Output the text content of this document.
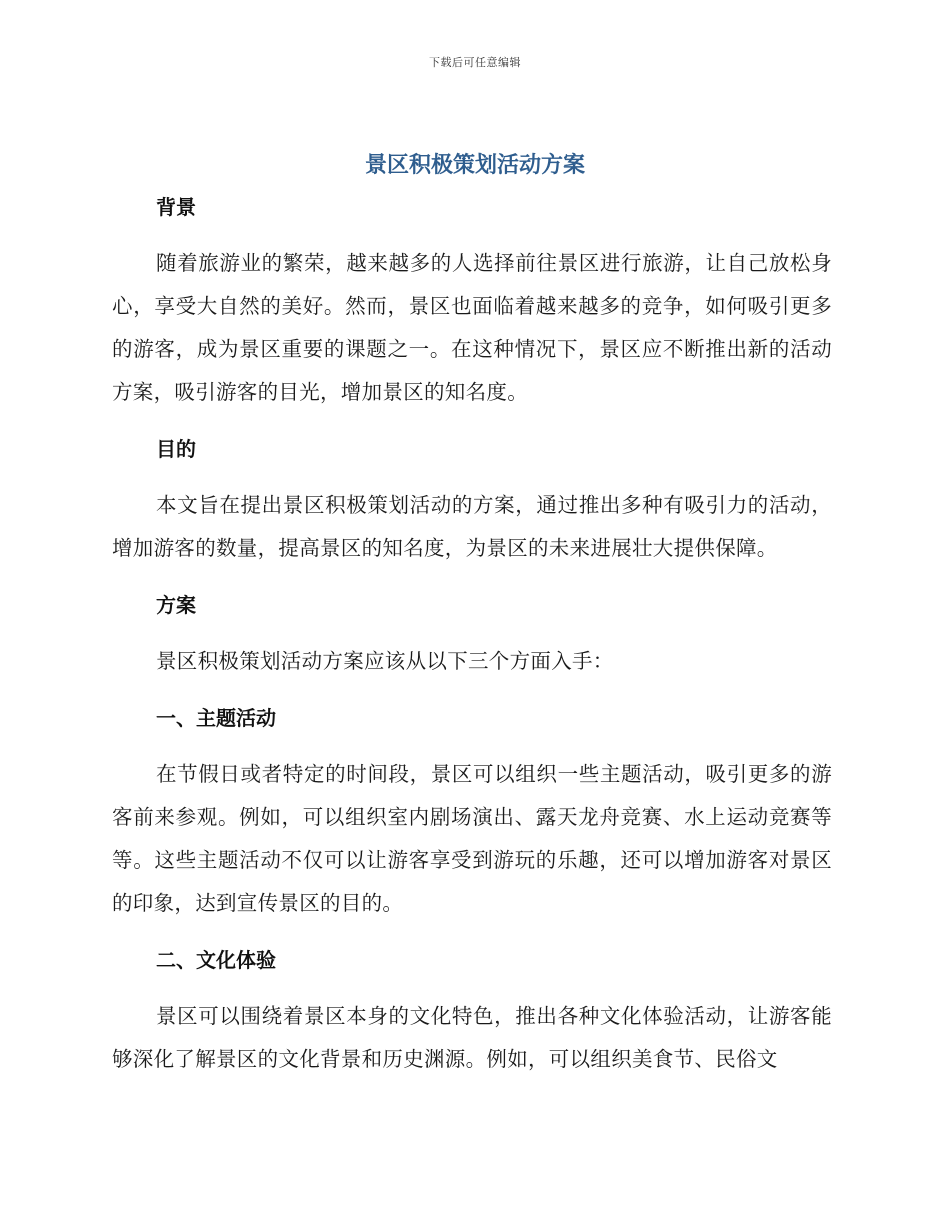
下载后可任意编辑
景区积极策划活动方案
背景

随着旅游业的繁荣，越来越多的人选择前往景区进行旅游，让自己放松身心，享受大自然的美好。然而，景区也面临着越来越多的竞争，如何吸引更多的游客，成为景区重要的课题之一。在这种情况下，景区应不断推出新的活动方案，吸引游客的目光，增加景区的知名度。

目的

本文旨在提出景区积极策划活动的方案，通过推出多种有吸引力的活动，增加游客的数量，提高景区的知名度，为景区的未来进展壮大提供保障。

方案

景区积极策划活动方案应该从以下三个方面入手：

一、主题活动

在节假日或者特定的时间段，景区可以组织一些主题活动，吸引更多的游客前来参观。例如，可以组织室内剧场演出、露天龙舟竞赛、水上运动竞赛等等。这些主题活动不仅可以让游客享受到游玩的乐趣，还可以增加游客对景区的印象，达到宣传景区的目的。

二、文化体验

景区可以围绕着景区本身的文化特色，推出各种文化体验活动，让游客能够深化了解景区的文化背景和历史渊源。例如，可以组织美食节、民俗文
